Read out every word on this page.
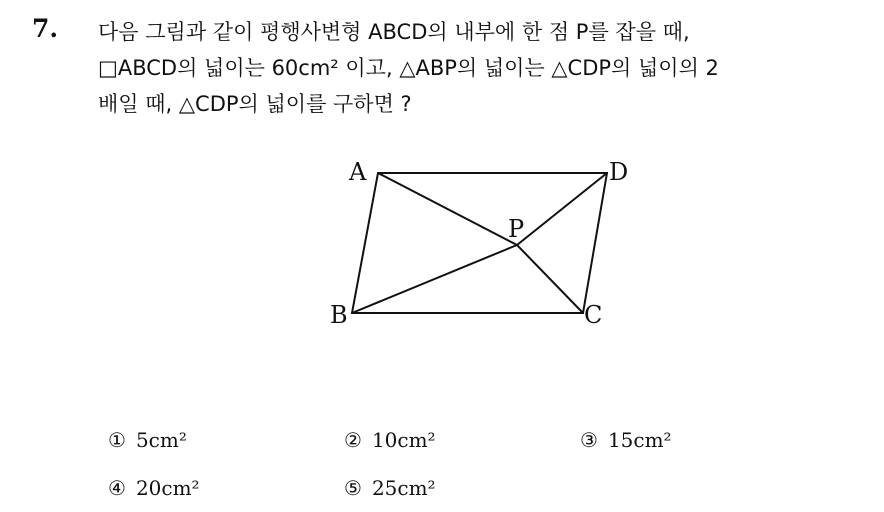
7. 다음 그림과 같이 평행사변형 ABCD의 내부에 한 점 P를 잡을 때,
□ABCD의 넓이는 60cm² 이고, △ABP의 넓이는 △CDP의 넓이의 2
배일 때, △CDP의 넓이를 구하면 ?
A	D
P
B	C
① 5cm²	② 10cm²	③ 15cm²
④ 20cm²	⑤ 25cm²
